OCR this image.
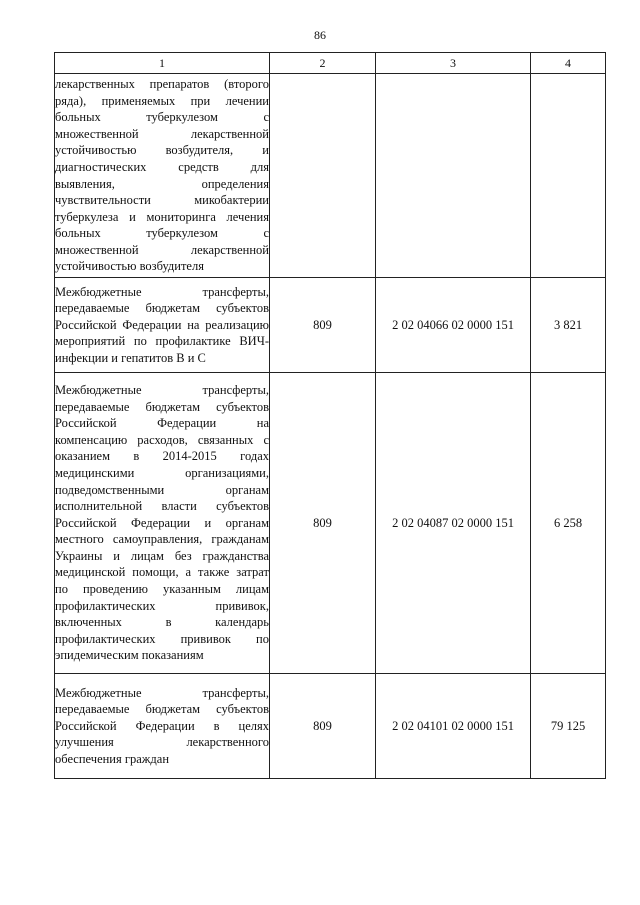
86
1	2	3	4
лекарственных препаратов (второго ряда), применяемых при лечении больных туберкулезом с множественной лекарственной устойчивостью возбудителя, и диагностических средств для выявления, определения чувствительности микобактерии туберкулеза и мониторинга лечения больных туберкулезом с множественной лекарственной устойчивостью возбудителя			
Межбюджетные трансферты, передаваемые бюджетам субъектов Российской Федерации на реализацию мероприятий по профилактике ВИЧ-инфекции и гепатитов В и С	809	2 02 04066 02 0000 151	3 821
Межбюджетные трансферты, передаваемые бюджетам субъектов Российской Федерации на компенсацию расходов, связанных с оказанием в 2014-2015 годах медицинскими организациями, подведомственными органам исполнительной власти субъектов Российской Федерации и органам местного самоуправления, гражданам Украины и лицам без гражданства медицинской помощи, а также затрат по проведению указанным лицам профилактических прививок, включенных в календарь профилактических прививок по эпидемическим показаниям	809	2 02 04087 02 0000 151	6 258
Межбюджетные трансферты, передаваемые бюджетам субъектов Российской Федерации в целях улучшения лекарственного обеспечения граждан	809	2 02 04101 02 0000 151	79 125
